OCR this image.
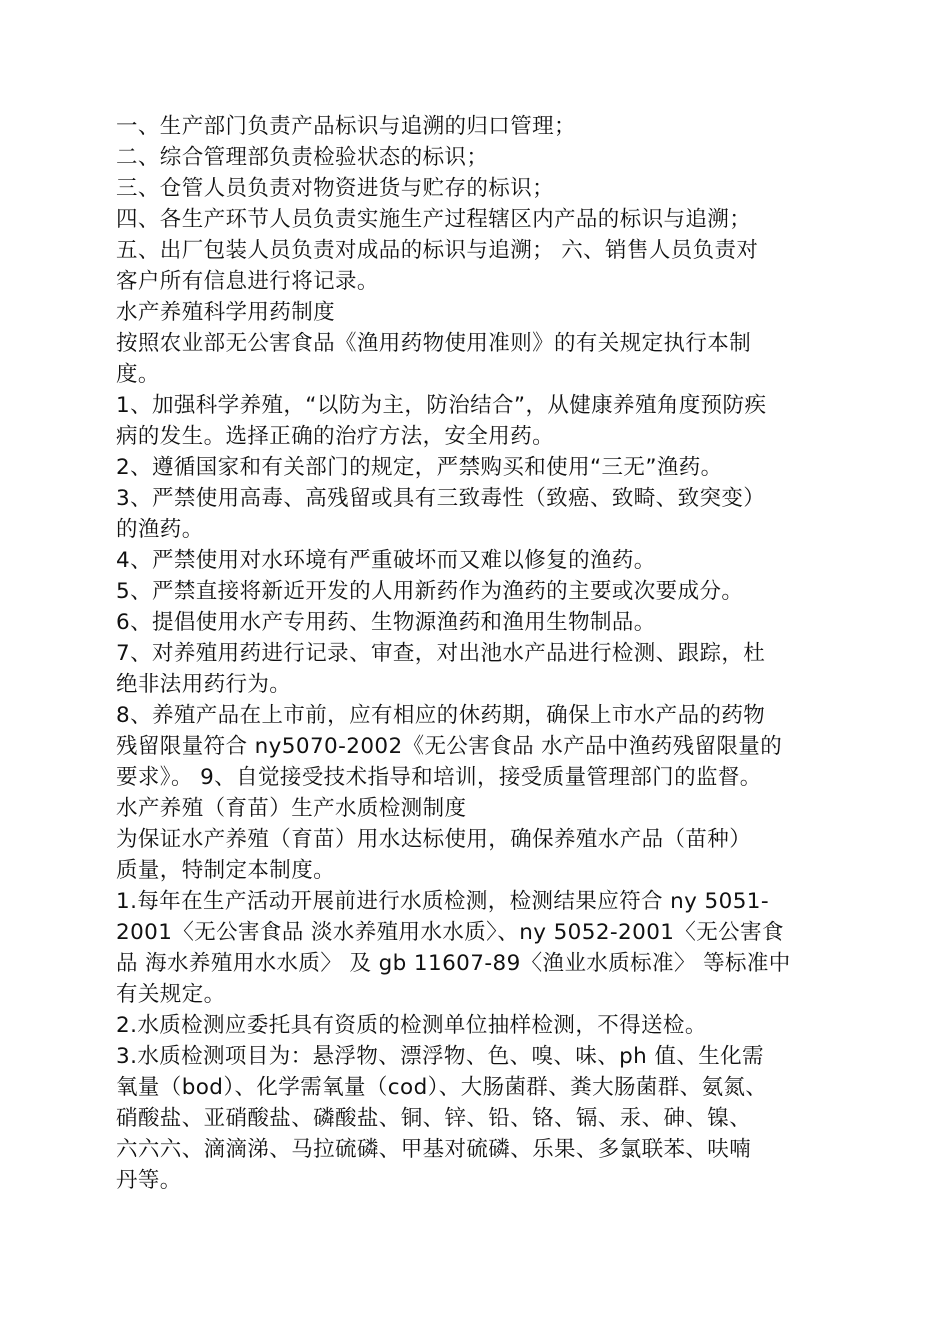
一、生产部门负责产品标识与追溯的归口管理；
二、综合管理部负责检验状态的标识；
三、仓管人员负责对物资进货与贮存的标识；
四、各生产环节人员负责实施生产过程辖区内产品的标识与追溯；
五、出厂包装人员负责对成品的标识与追溯； 六、销售人员负责对
客户所有信息进行将记录。
水产养殖科学用药制度
按照农业部无公害食品《渔用药物使用准则》的有关规定执行本制
度。
1、加强科学养殖，“以防为主，防治结合”，从健康养殖角度预防疾
病的发生。选择正确的治疗方法，安全用药。
2、遵循国家和有关部门的规定，严禁购买和使用“三无”渔药。
3、严禁使用高毒、高残留或具有三致毒性（致癌、致畸、致突变）
的渔药。
4、严禁使用对水环境有严重破坏而又难以修复的渔药。
5、严禁直接将新近开发的人用新药作为渔药的主要或次要成分。
6、提倡使用水产专用药、生物源渔药和渔用生物制品。
7、对养殖用药进行记录、审查，对出池水产品进行检测、跟踪，杜
绝非法用药行为。
8、养殖产品在上市前，应有相应的休药期，确保上市水产品的药物
残留限量符合 ny5070-2002《无公害食品 水产品中渔药残留限量的
要求》。 9、自觉接受技术指导和培训，接受质量管理部门的监督。
水产养殖（育苗）生产水质检测制度
为保证水产养殖（育苗）用水达标使用，确保养殖水产品（苗种）
质量，特制定本制度。
1.每年在生产活动开展前进行水质检测，检测结果应符合 ny 5051-
2001〈无公害食品 淡水养殖用水水质〉、ny 5052-2001〈无公害食
品 海水养殖用水水质〉 及 gb 11607-89〈渔业水质标准〉 等标准中
有关规定。
2.水质检测应委托具有资质的检测单位抽样检测，不得送检。
3.水质检测项目为：悬浮物、漂浮物、色、嗅、味、ph 值、生化需
氧量（bod）、化学需氧量（cod）、大肠菌群、粪大肠菌群、氨氮、
硝酸盐、亚硝酸盐、磷酸盐、铜、锌、铅、铬、镉、汞、砷、镍、
六六六、滴滴涕、马拉硫磷、甲基对硫磷、乐果、多氯联苯、呋喃
丹等。
